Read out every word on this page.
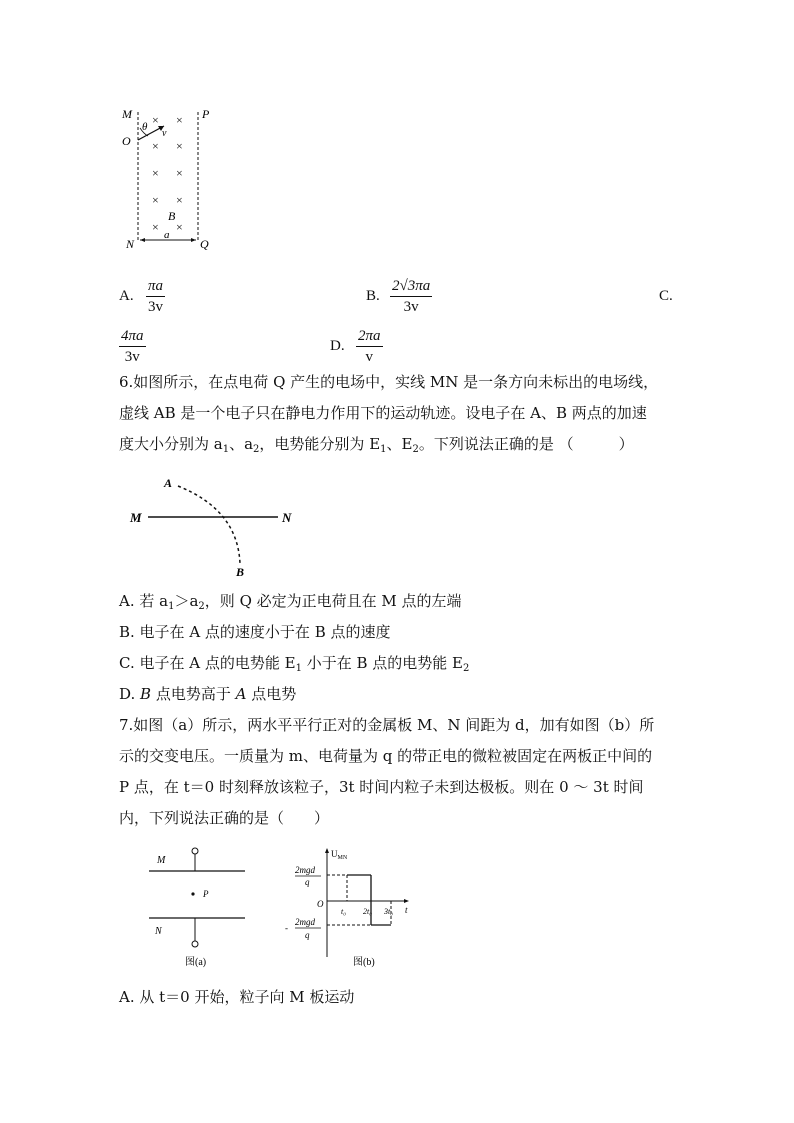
M	P
O
N	Q
θ
v
B
a
× ×
× ×
× ×
× ×
× ×
A. $\frac{\pi a}{3v}$	B. $\frac{2√3\pi a}{3v}$	C.
$\frac{4\pi a}{3v}$	D. $\frac{2\pi a}{v}$
6.如图所示，在点电荷 Q 产生的电场中，实线 MN 是一条方向未标出的电场线，
虚线 AB 是一个电子只在静电力作用下的运动轨迹。设电子在 A、B 两点的加速
度大小分别为 $a_1$、$a_2$，电势能分别为 $E_1$、$E_2$。下列说法正确的是 （　　　）
A
B
M	N
A. 若 $a_1>a_2$，则 Q 必定为正电荷且在 M 点的左端
B. 电子在 A 点的速度小于在 B 点的速度
C. 电子在 A 点的电势能 $E_1$ 小于在 B 点的电势能 $E_2$
D. B 点电势高于 A 点电势
7.如图（a）所示，两水平平行正对的金属板 M、N 间距为 d，加有如图（b）所
示的交变电压。一质量为 m、电荷量为 q 的带正电的微粒被固定在两板正中间的
P 点，在 t＝0 时刻释放该粒子，3t 时间内粒子未到达极板。则在 0 ～ 3t 时间
内，下列说法正确的是（　　）
M
P
N
图(a)
$U_{MN}$
2mgd
q
O
t₀ 2t₀ 3t₀ t
-
2mgd
q
图(b)
A. 从 t＝0 开始，粒子向 M 板运动
